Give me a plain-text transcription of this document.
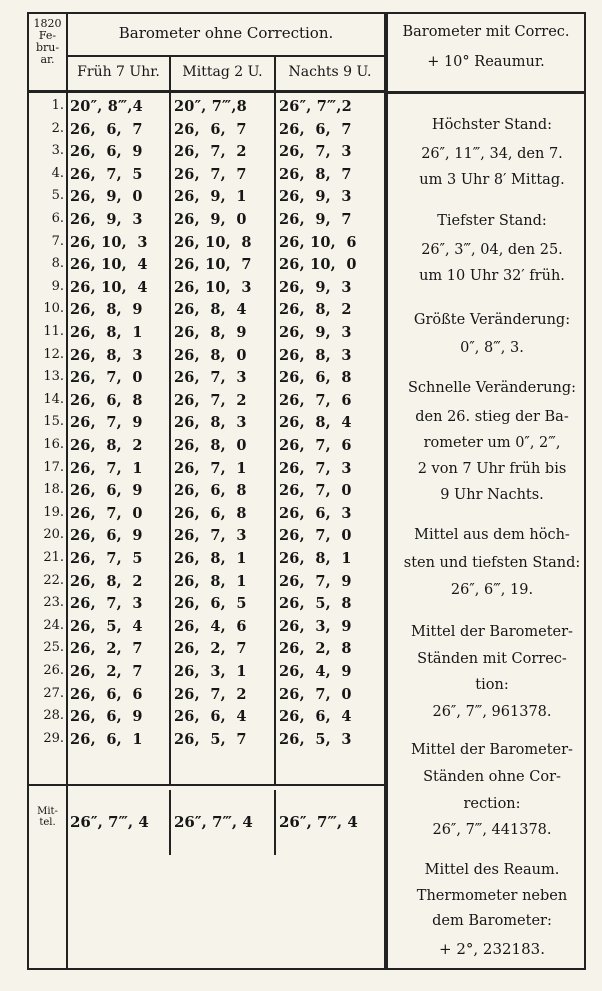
1820
Fe-
bru-
ar.
Barometer ohne Correction.
Früh 7 Uhr.	Mittag 2 U.	Nachts 9 U.
Barometer mit Correc.
+ 10° Reaumur.
1. 20″, 8‴,4 20″, 7‴,8 26″, 7‴,2
2. 26,  6,  7 26,  6,  7 26,  6,  7
3. 26,  6,  9 26,  7,  2 26,  7,  3
4. 26,  7,  5 26,  7,  7 26,  8,  7
5. 26,  9,  0 26,  9,  1 26,  9,  3
6. 26,  9,  3 26,  9,  0 26,  9,  7
7. 26, 10,  3 26, 10,  8 26, 10,  6
8. 26, 10,  4 26, 10,  7 26, 10,  0
9. 26, 10,  4 26, 10,  3 26,  9,  3
10. 26,  8,  9 26,  8,  4 26,  8,  2
11. 26,  8,  1 26,  8,  9 26,  9,  3
12. 26,  8,  3 26,  8,  0 26,  8,  3
13. 26,  7,  0 26,  7,  3 26,  6,  8
14. 26,  6,  8 26,  7,  2 26,  7,  6
15. 26,  7,  9 26,  8,  3 26,  8,  4
16. 26,  8,  2 26,  8,  0 26,  7,  6
17. 26,  7,  1 26,  7,  1 26,  7,  3
18. 26,  6,  9 26,  6,  8 26,  7,  0
19. 26,  7,  0 26,  6,  8 26,  6,  3
20. 26,  6,  9 26,  7,  3 26,  7,  0
21. 26,  7,  5 26,  8,  1 26,  8,  1
22. 26,  8,  2 26,  8,  1 26,  7,  9
23. 26,  7,  3 26,  6,  5 26,  5,  8
24. 26,  5,  4 26,  4,  6 26,  3,  9
25. 26,  2,  7 26,  2,  7 26,  2,  8
26. 26,  2,  7 26,  3,  1 26,  4,  9
27. 26,  6,  6 26,  7,  2 26,  7,  0
28. 26,  6,  9 26,  6,  4 26,  6,  4
29. 26,  6,  1 26,  5,  7 26,  5,  3
Mit-
tel. 26″, 7‴, 4 26″, 7‴, 4 26″, 7‴, 4
Höchster Stand:
26″, 11‴, 34, den 7.
um 3 Uhr 8′ Mittag.
Tiefster Stand:
26″, 3‴, 04, den 25.
um 10 Uhr 32′ früh.
Größte Veränderung:
0″, 8‴, 3.
Schnelle Veränderung:
den 26. stieg der Ba-
rometer um 0″, 2‴,
2 von 7 Uhr früh bis
9 Uhr Nachts.
Mittel aus dem höch-
sten und tiefsten Stand:
26″, 6‴, 19.
Mittel der Barometer-
Ständen mit Correc-
tion:
26″, 7‴, 961378.
Mittel der Barometer-
Ständen ohne Cor-
rection:
26″, 7‴, 441378.
Mittel des Reaum.
Thermometer neben
dem Barometer:
+ 2°, 232183.
